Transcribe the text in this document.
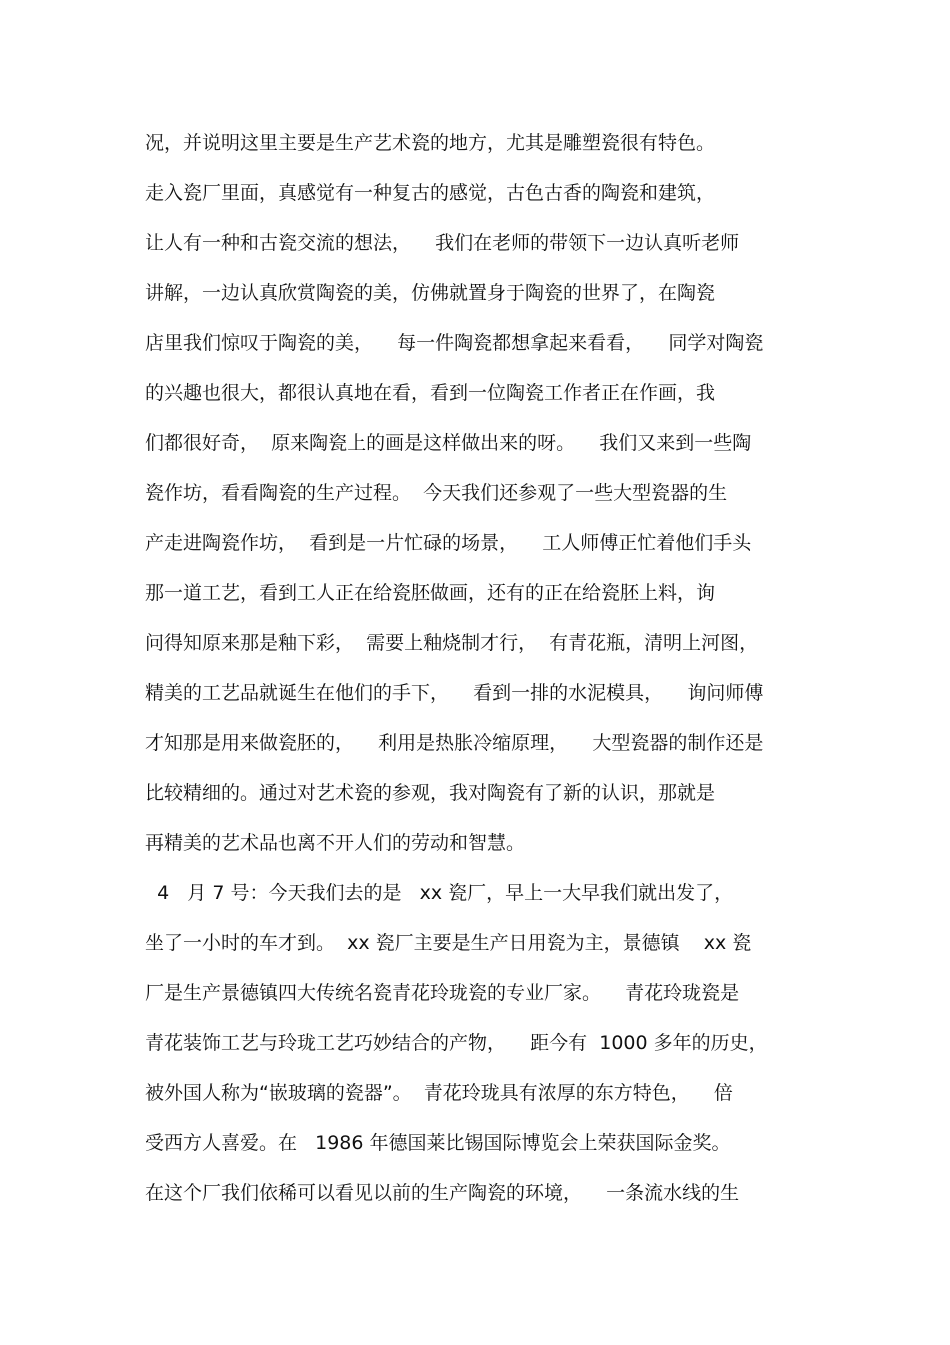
况，并说明这里主要是生产艺术瓷的地方，尤其是雕塑瓷很有特色。
走入瓷厂里面，真感觉有一种复古的感觉，古色古香的陶瓷和建筑，
让人有一种和古瓷交流的想法，    我们在老师的带领下一边认真听老师
讲解，一边认真欣赏陶瓷的美，仿佛就置身于陶瓷的世界了，在陶瓷
店里我们惊叹于陶瓷的美，    每一件陶瓷都想拿起来看看，    同学对陶瓷
的兴趣也很大，都很认真地在看，看到一位陶瓷工作者正在作画，我
们都很好奇，  原来陶瓷上的画是这样做出来的呀。    我们又来到一些陶
瓷作坊，看看陶瓷的生产过程。  今天我们还参观了一些大型瓷器的生
产走进陶瓷作坊，  看到是一片忙碌的场景，    工人师傅正忙着他们手头
那一道工艺，看到工人正在给瓷胚做画，还有的正在给瓷胚上料，询
问得知原来那是釉下彩，  需要上釉烧制才行，  有青花瓶，清明上河图，
精美的工艺品就诞生在他们的手下，    看到一排的水泥模具，    询问师傅
才知那是用来做瓷胚的，    利用是热胀冷缩原理，    大型瓷器的制作还是
比较精细的。通过对艺术瓷的参观，我对陶瓷有了新的认识，那就是
再精美的艺术品也离不开人们的劳动和智慧。
4   月 7 号：今天我们去的是   xx 瓷厂，早上一大早我们就出发了，
坐了一小时的车才到。  xx 瓷厂主要是生产日用瓷为主，景德镇    xx 瓷
厂是生产景德镇四大传统名瓷青花玲珑瓷的专业厂家。    青花玲珑瓷是
青花装饰工艺与玲珑工艺巧妙结合的产物，    距今有  1000 多年的历史，
被外国人称为“嵌玻璃的瓷器”。  青花玲珑具有浓厚的东方特色，    倍
受西方人喜爱。在   1986 年德国莱比锡国际博览会上荣获国际金奖。
在这个厂我们依稀可以看见以前的生产陶瓷的环境，    一条流水线的生
